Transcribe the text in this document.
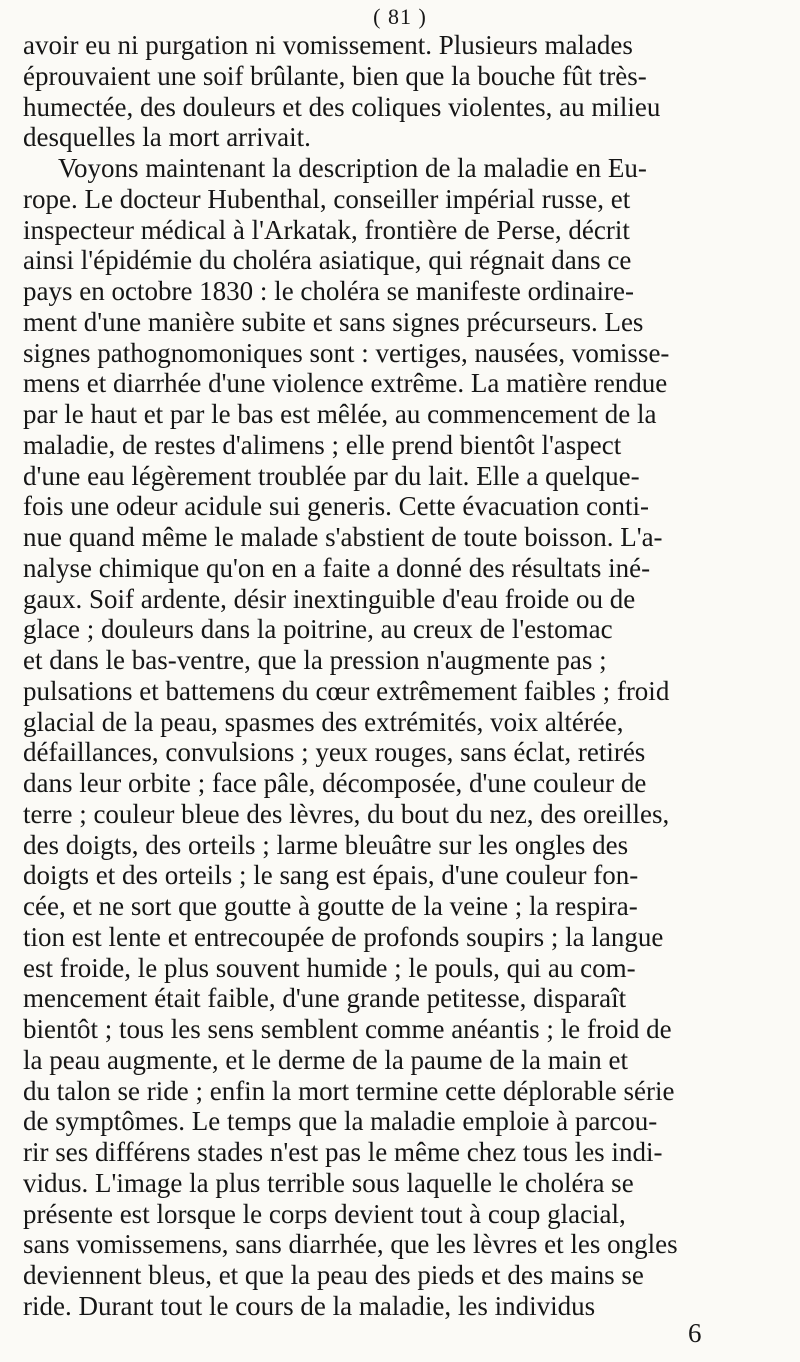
( 81 )
avoir eu ni purgation ni vomissement. Plusieurs malades
éprouvaient une soif brûlante, bien que la bouche fût très-
humectée, des douleurs et des coliques violentes, au milieu
desquelles la mort arrivait.
Voyons maintenant la description de la maladie en Eu-
rope. Le docteur Hubenthal, conseiller impérial russe, et
inspecteur médical à l'Arkatak, frontière de Perse, décrit
ainsi l'épidémie du choléra asiatique, qui régnait dans ce
pays en octobre 1830 : le choléra se manifeste ordinaire-
ment d'une manière subite et sans signes précurseurs. Les
signes pathognomoniques sont : vertiges, nausées, vomisse-
mens et diarrhée d'une violence extrême. La matière rendue
par le haut et par le bas est mêlée, au commencement de la
maladie, de restes d'alimens ; elle prend bientôt l'aspect
d'une eau légèrement troublée par du lait. Elle a quelque-
fois une odeur acidule sui generis. Cette évacuation conti-
nue quand même le malade s'abstient de toute boisson. L'a-
nalyse chimique qu'on en a faite a donné des résultats iné-
gaux. Soif ardente, désir inextinguible d'eau froide ou de
glace ; douleurs dans la poitrine, au creux de l'estomac
et dans le bas-ventre, que la pression n'augmente pas ;
pulsations et battemens du cœur extrêmement faibles ; froid
glacial de la peau, spasmes des extrémités, voix altérée,
défaillances, convulsions ; yeux rouges, sans éclat, retirés
dans leur orbite ; face pâle, décomposée, d'une couleur de
terre ; couleur bleue des lèvres, du bout du nez, des oreilles,
des doigts, des orteils ; larme bleuâtre sur les ongles des
doigts et des orteils ; le sang est épais, d'une couleur fon-
cée, et ne sort que goutte à goutte de la veine ; la respira-
tion est lente et entrecoupée de profonds soupirs ; la langue
est froide, le plus souvent humide ; le pouls, qui au com-
mencement était faible, d'une grande petitesse, disparaît
bientôt ; tous les sens semblent comme anéantis ; le froid de
la peau augmente, et le derme de la paume de la main et
du talon se ride ; enfin la mort termine cette déplorable série
de symptômes. Le temps que la maladie emploie à parcou-
rir ses différens stades n'est pas le même chez tous les indi-
vidus. L'image la plus terrible sous laquelle le choléra se
présente est lorsque le corps devient tout à coup glacial,
sans vomissemens, sans diarrhée, que les lèvres et les ongles
deviennent bleus, et que la peau des pieds et des mains se
ride. Durant tout le cours de la maladie, les individus
6
